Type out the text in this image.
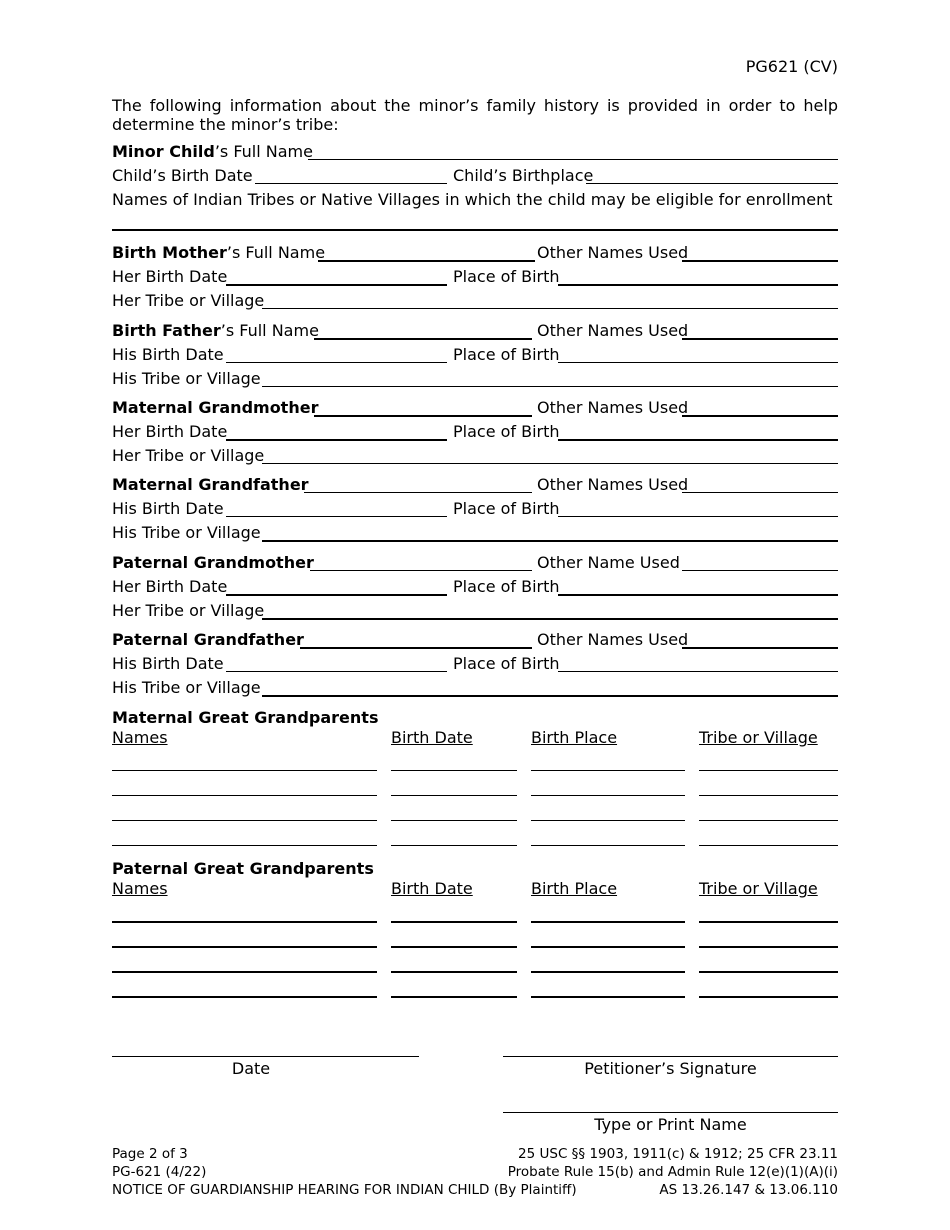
PG621 (CV)
The following information about the minor’s family history is provided in order to help determine the minor’s tribe:
Minor Child’s Full Name
Child’s Birth Date	Child’s Birthplace
Names of Indian Tribes or Native Villages in which the child may be eligible for enrollment
Birth Mother’s Full Name	Other Names Used
Her Birth Date	Place of Birth
Her Tribe or Village
Birth Father’s Full Name	Other Names Used
His Birth Date	Place of Birth
His Tribe or Village
Maternal Grandmother	Other Names Used
Her Birth Date	Place of Birth
Her Tribe or Village
Maternal Grandfather	Other Names Used
His Birth Date	Place of Birth
His Tribe or Village
Paternal Grandmother	Other Name Used
Her Birth Date	Place of Birth
Her Tribe or Village
Paternal Grandfather	Other Names Used
His Birth Date	Place of Birth
His Tribe or Village
Maternal Great Grandparents
Names	Birth Date	Birth Place	Tribe or Village
Paternal Great Grandparents
Names	Birth Date	Birth Place	Tribe or Village
Date	Petitioner’s Signature
Type or Print Name
Page 2 of 3
PG-621 (4/22)
NOTICE OF GUARDIANSHIP HEARING FOR INDIAN CHILD (By Plaintiff)
25 USC §§ 1903, 1911(c) & 1912; 25 CFR 23.11
Probate Rule 15(b) and Admin Rule 12(e)(1)(A)(i)
AS 13.26.147 & 13.06.110
